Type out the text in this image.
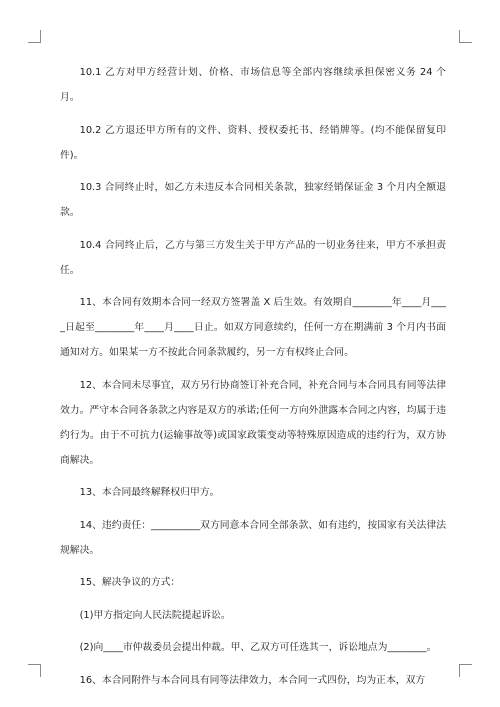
10.1 乙方对甲方经营计划、价格、市场信息等全部内容继续承担保密义务 24 个月。

10.2 乙方退还甲方所有的文件、资料、授权委托书、经销牌等。(均不能保留复印件)。

10.3 合同终止时，如乙方未违反本合同相关条款，独家经销保证金 3 个月内全额退款。

10.4 合同终止后，乙方与第三方发生关于甲方产品的一切业务往来，甲方不承担责任。

11、本合同有效期本合同一经双方签署盖 X 后生效。有效期自________年____月____日起至________年____月____日止。如双方同意续约，任何一方在期满前 3 个月内书面通知对方。如果某一方不按此合同条款履约，另一方有权终止合同。

12、本合同未尽事宜，双方另行协商签订补充合同，补充合同与本合同具有同等法律效力。严守本合同各条款之内容是双方的承诺;任何一方向外泄露本合同之内容，均属于违约行为。由于不可抗力(运输事故等)或国家政策变动等特殊原因造成的违约行为，双方协商解决。

13、本合同最终解释权归甲方。

14、违约责任：__________双方同意本合同全部条款、如有违约，按国家有关法律法规解决。

15、解决争议的方式：

(1)甲方指定向人民法院提起诉讼。

(2)向____市仲裁委员会提出仲裁。甲、乙双方可任选其一，诉讼地点为________。

16、本合同附件与本合同具有同等法律效力，本合同一式四份，均为正本，双方
